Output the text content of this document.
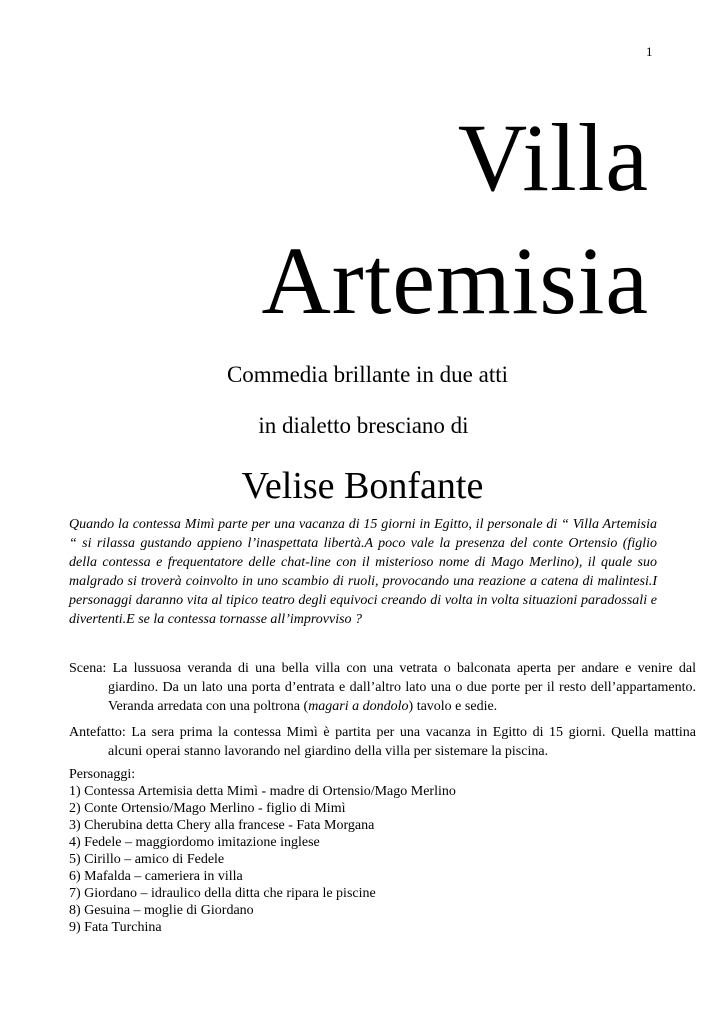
1
Villa
Artemisia
Commedia brillante in due atti
in dialetto bresciano di
Velise Bonfante
Quando la contessa Mimì parte per una vacanza di 15 giorni in Egitto, il personale di “ Villa Artemisia “ si rilassa gustando appieno l’inaspettata libertà.A poco vale la presenza del conte Ortensio (figlio della contessa e frequentatore delle chat-line con il misterioso nome di Mago Merlino), il quale suo malgrado si troverà coinvolto in uno scambio di ruoli, provocando una reazione a catena di malintesi.I personaggi daranno vita al tipico teatro degli equivoci creando di volta in volta situazioni paradossali e divertenti.E se la contessa tornasse all’improvviso ?
Scena: La lussuosa veranda di una bella villa con una vetrata o balconata aperta per andare e venire dal giardino. Da un lato una porta d’entrata e dall’altro lato una o due porte per il resto dell’appartamento. Veranda arredata con una poltrona (magari a dondolo) tavolo e sedie.
Antefatto: La sera prima la contessa Mimì è partita per una vacanza in Egitto di 15 giorni. Quella mattina alcuni operai stanno lavorando nel giardino della villa per sistemare la piscina.
Personaggi:
1) Contessa Artemisia detta Mimì - madre di Ortensio/Mago Merlino
2) Conte Ortensio/Mago Merlino - figlio di Mimì
3) Cherubina detta Chery alla francese - Fata Morgana
4) Fedele – maggiordomo imitazione inglese
5) Cirillo – amico di Fedele
6) Mafalda – cameriera in villa
7) Giordano – idraulico della ditta che ripara le piscine
8) Gesuina – moglie di Giordano
9) Fata Turchina
